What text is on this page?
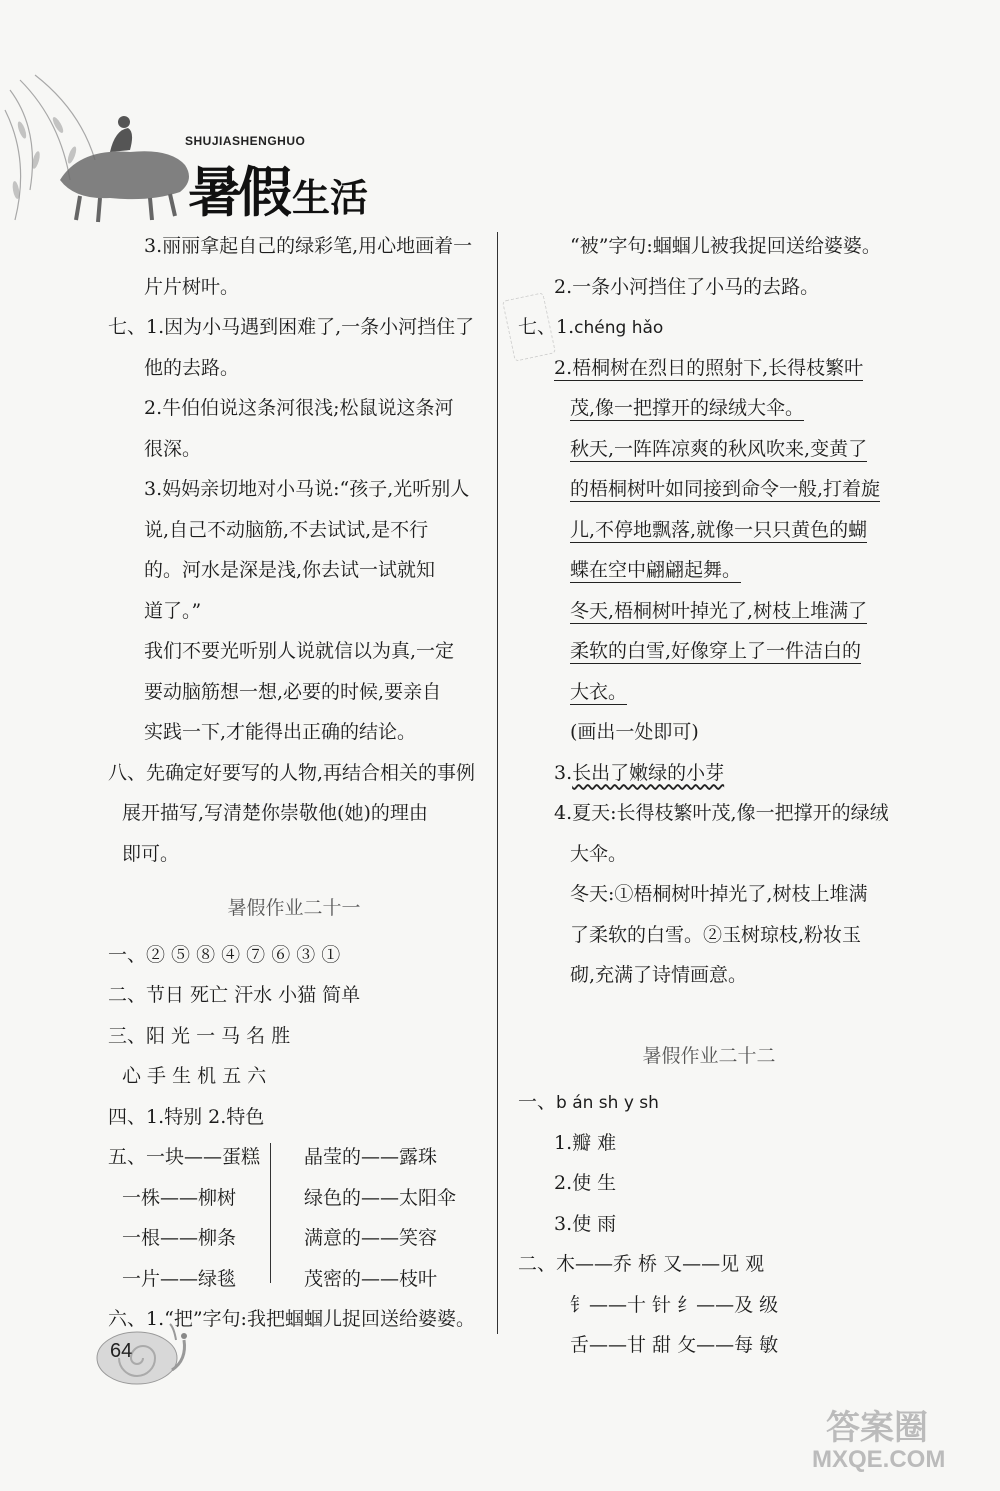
SHUJIASHENGHUO
暑假 生活
3.丽丽拿起自己的绿彩笔,用心地画着一
片片树叶。
七、1.因为小马遇到困难了,一条小河挡住了
他的去路。
2.牛伯伯说这条河很浅;松鼠说这条河
很深。
3.妈妈亲切地对小马说:“孩子,光听别人
说,自己不动脑筋,不去试试,是不行
的。河水是深是浅,你去试一试就知
道了。”
我们不要光听别人说就信以为真,一定
要动脑筋想一想,必要的时候,要亲自
实践一下,才能得出正确的结论。
八、先确定好要写的人物,再结合相关的事例
展开描写,写清楚你崇敬他(她)的理由
即可。
暑假作业二十一
一、② ⑤ ⑧ ④ ⑦ ⑥ ③ ①
二、节日 死亡 汗水 小猫 简单
三、阳 光 一 马 名 胜
心 手 生 机 五 六
四、1.特别 2.特色
五、一块——蛋糕
一株——柳树
一根——柳条
一片——绿毯
晶莹的——露珠
绿色的——太阳伞
满意的——笑容
茂密的——枝叶
六、1.“把”字句:我把蝈蝈儿捉回送给婆婆。
“被”字句:蝈蝈儿被我捉回送给婆婆。
2.一条小河挡住了小马的去路。
七、1.chéng hǎo
2.梧桐树在烈日的照射下,长得枝繁叶
茂,像一把撑开的绿绒大伞。
秋天,一阵阵凉爽的秋风吹来,变黄了
的梧桐树叶如同接到命令一般,打着旋
儿,不停地飘落,就像一只只黄色的蝴
蝶在空中翩翩起舞。
冬天,梧桐树叶掉光了,树枝上堆满了
柔软的白雪,好像穿上了一件洁白的
大衣。
(画出一处即可)
3.长出了嫩绿的小芽
4.夏天:长得枝繁叶茂,像一把撑开的绿绒
大伞。
冬天:①梧桐树叶掉光了,树枝上堆满
了柔软的白雪。②玉树琼枝,粉妆玉
砌,充满了诗情画意。
暑假作业二十二
一、b án sh y sh
1.瓣 难
2.使 生
3.使 雨
二、木——乔 桥 又——见 观
钅——十 针 纟——及 级
舌——甘 甜 攵——每 敏
64
答案圈
MXQE.COM
